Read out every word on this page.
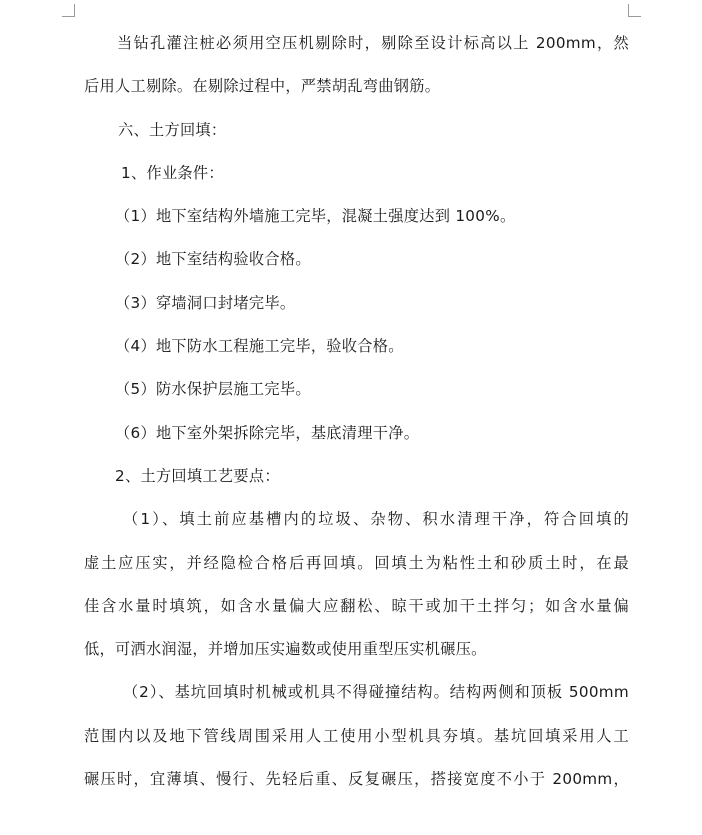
当钻孔灌注桩必须用空压机剔除时，剔除至设计标高以上 200mm，然
后用人工剔除。在剔除过程中，严禁胡乱弯曲钢筋。
六、土方回填：
1、作业条件：
（1）地下室结构外墙施工完毕，混凝土强度达到 100%。
（2）地下室结构验收合格。
（3）穿墙洞口封堵完毕。
（4）地下防水工程施工完毕，验收合格。
（5）防水保护层施工完毕。
（6）地下室外架拆除完毕，基底清理干净。
2、土方回填工艺要点：
（1）、填土前应基槽内的垃圾、杂物、积水清理干净，符合回填的
虚土应压实，并经隐检合格后再回填。回填土为粘性土和砂质土时，在最
佳含水量时填筑，如含水量偏大应翻松、晾干或加干土拌匀；如含水量偏
低，可洒水润湿，并增加压实遍数或使用重型压实机碾压。
（2）、基坑回填时机械或机具不得碰撞结构。结构两侧和顶板 500mm
范围内以及地下管线周围采用人工使用小型机具夯填。基坑回填采用人工
碾压时，宜薄填、慢行、先轻后重、反复碾压，搭接宽度不小于 200mm，
